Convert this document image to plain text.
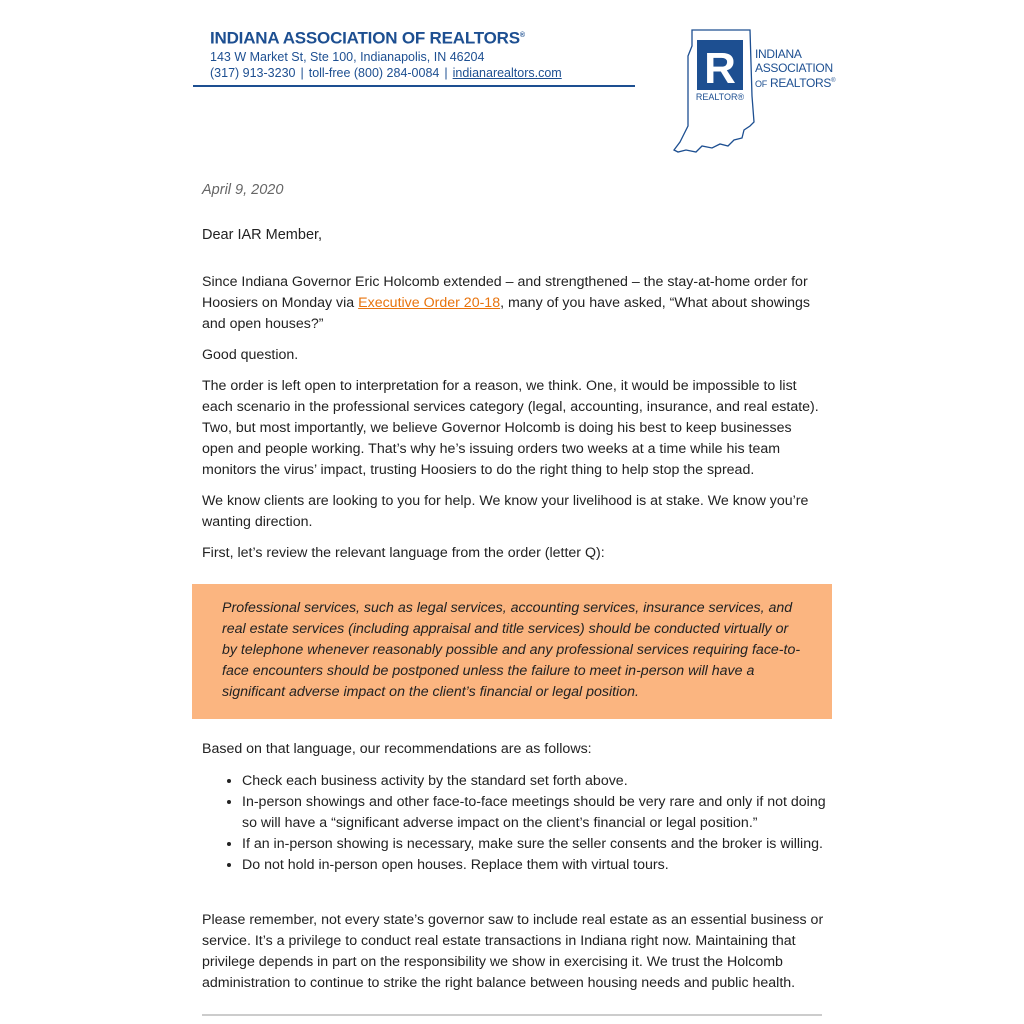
INDIANA ASSOCIATION OF REALTORS®
143 W Market St, Ste 100, Indianapolis, IN 46204
(317) 913-3230 | toll-free (800) 284-0084 | indianarealtors.com	R
REALTOR®
INDIANA
ASSOCIATION
OF REALTORS®
April 9, 2020
Dear IAR Member,

Since Indiana Governor Eric Holcomb extended – and strengthened – the stay-at-home order for Hoosiers on Monday via Executive Order 20-18, many of you have asked, “What about showings and open houses?”

Good question.

The order is left open to interpretation for a reason, we think. One, it would be impossible to list each scenario in the professional services category (legal, accounting, insurance, and real estate). Two, but most importantly, we believe Governor Holcomb is doing his best to keep businesses open and people working. That’s why he’s issuing orders two weeks at a time while his team monitors the virus’ impact, trusting Hoosiers to do the right thing to help stop the spread.

We know clients are looking to you for help. We know your livelihood is at stake. We know you’re wanting direction.

First, let’s review the relevant language from the order (letter Q):

Professional services, such as legal services, accounting services, insurance services, and real estate services (including appraisal and title services) should be conducted virtually or by telephone whenever reasonably possible and any professional services requiring face-to-face encounters should be postponed unless the failure to meet in-person will have a significant adverse impact on the client’s financial or legal position.

Based on that language, our recommendations are as follows:

• Check each business activity by the standard set forth above.
• In-person showings and other face-to-face meetings should be very rare and only if not doing so will have a “significant adverse impact on the client’s financial or legal position.”
• If an in-person showing is necessary, make sure the seller consents and the broker is willing.
• Do not hold in-person open houses. Replace them with virtual tours.

Please remember, not every state’s governor saw to include real estate as an essential business or service. It’s a privilege to conduct real estate transactions in Indiana right now. Maintaining that privilege depends in part on the responsibility we show in exercising it. We trust the Holcomb administration to continue to strike the right balance between housing needs and public health.
